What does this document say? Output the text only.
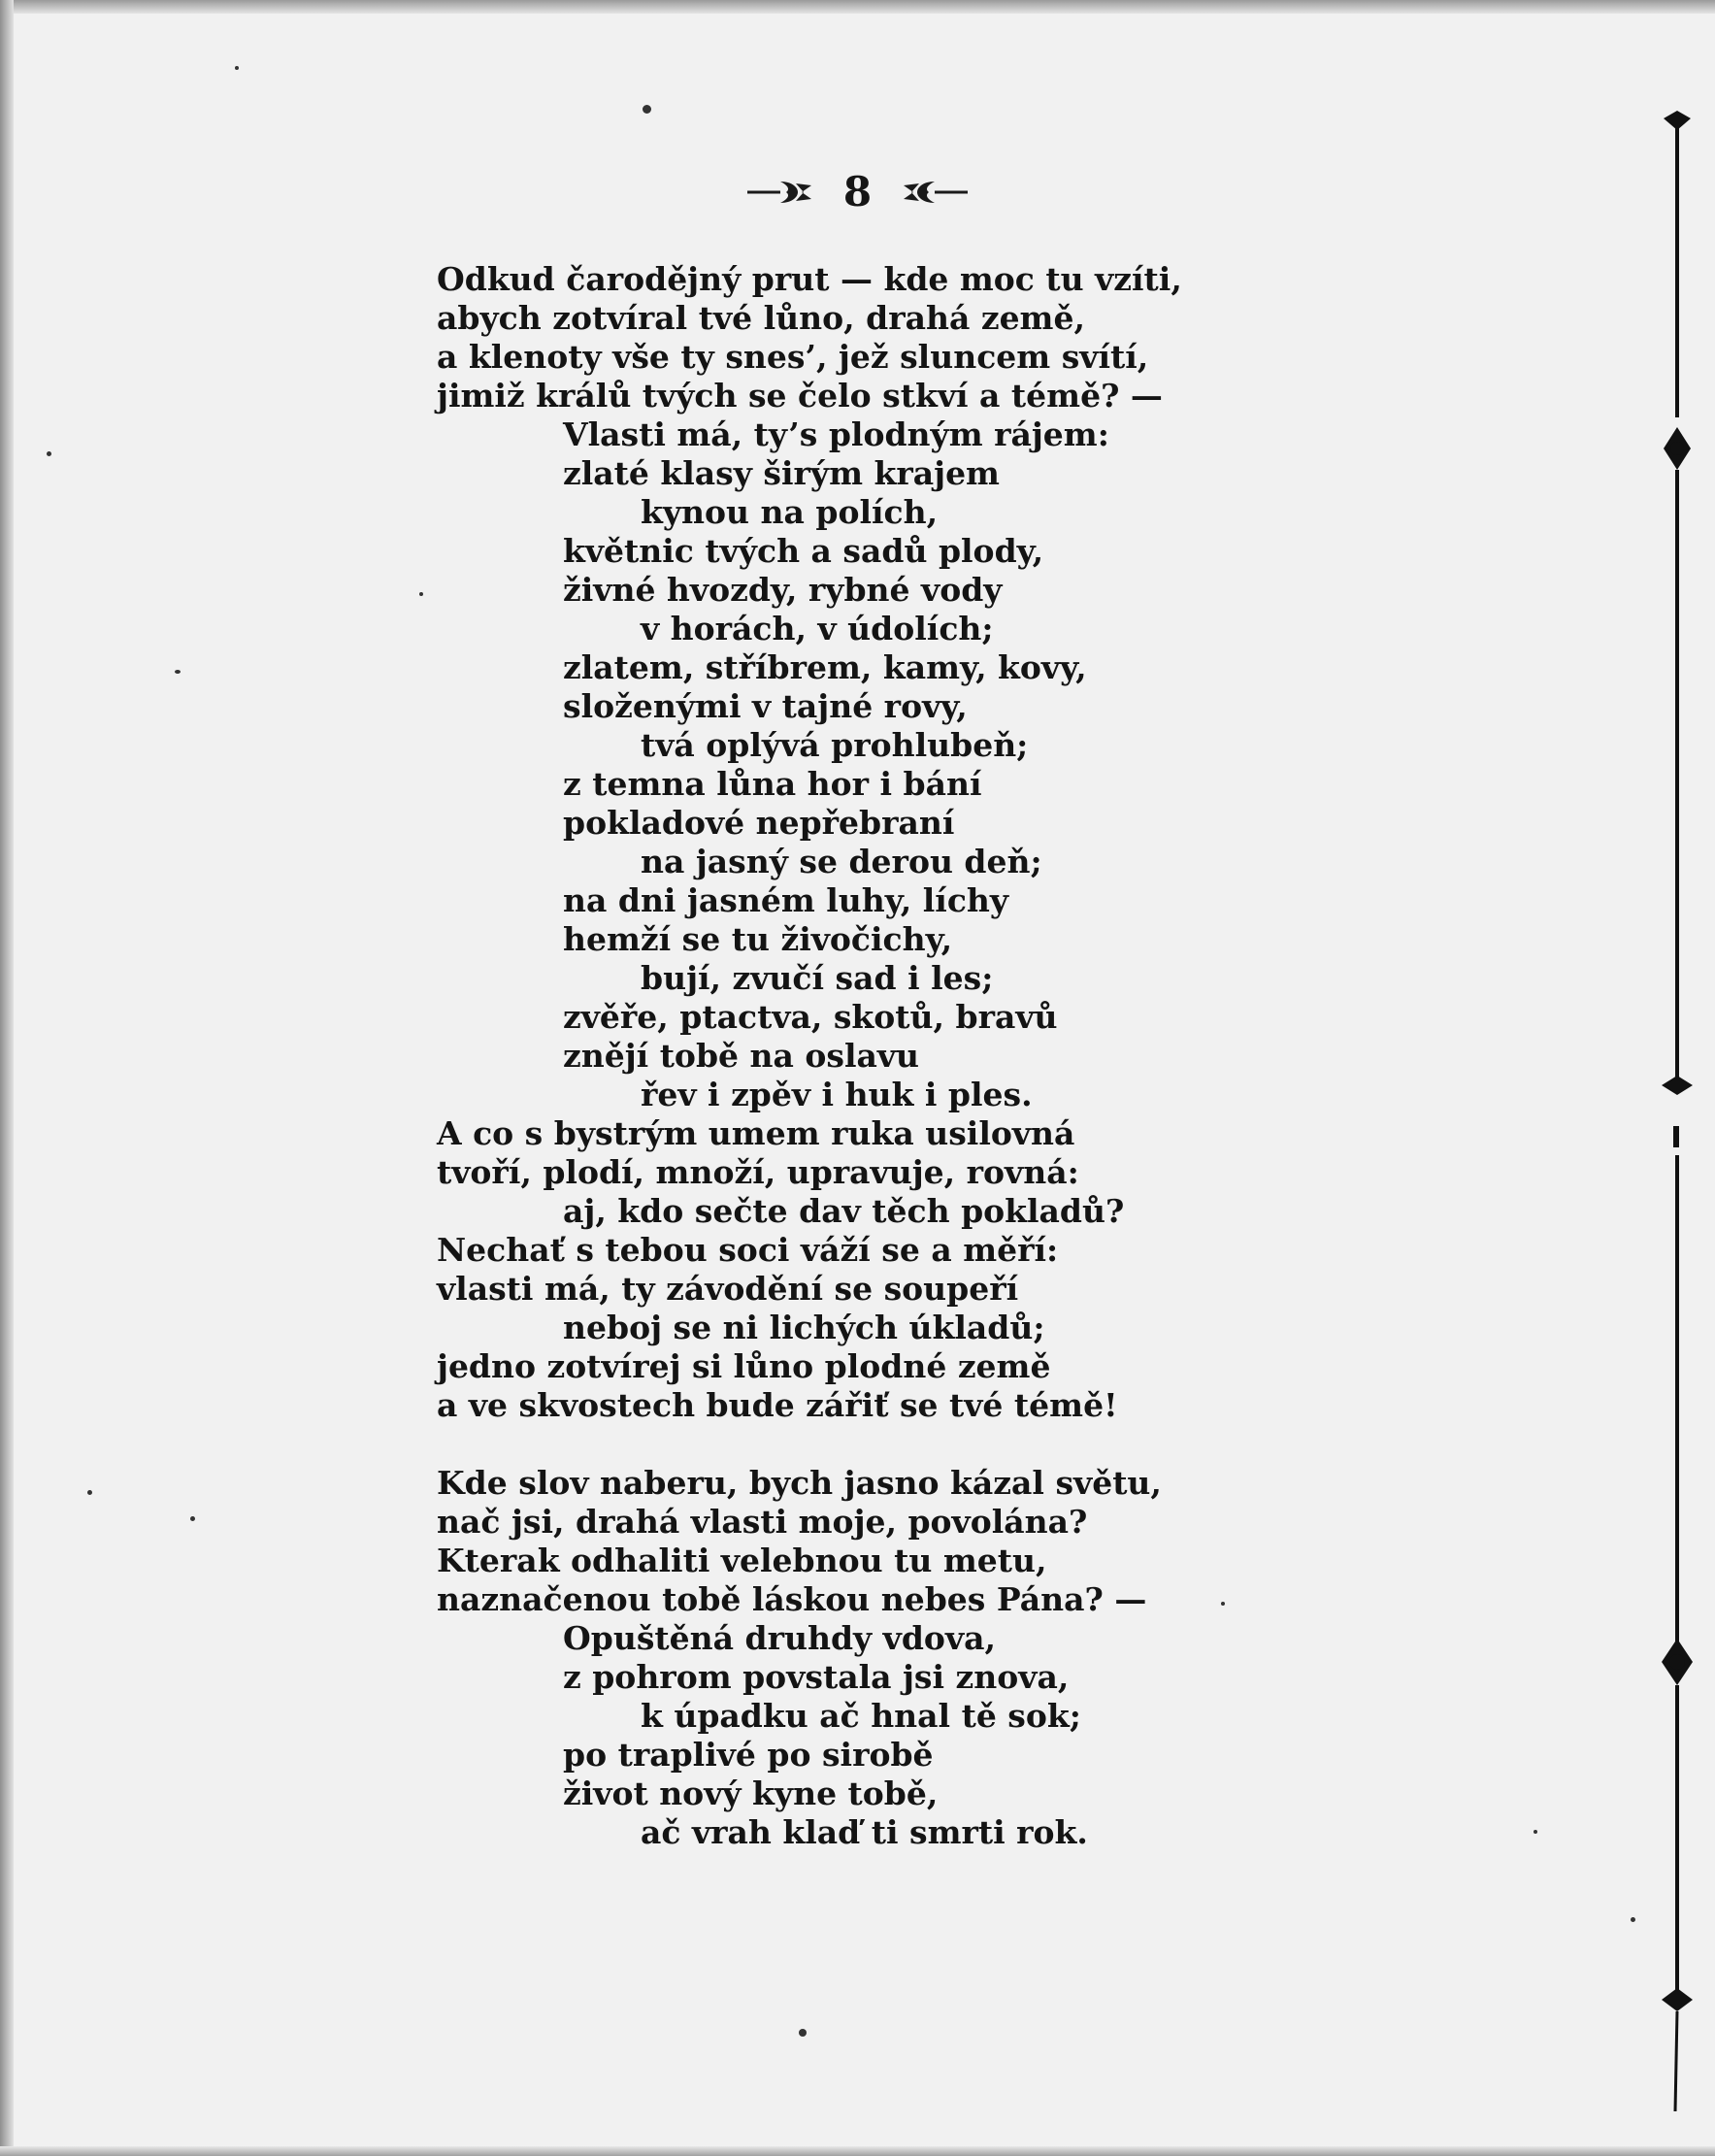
8
Odkud čarodějný prut — kde moc tu vzíti,
abych zotvíral tvé lůno, drahá země,
a klenoty vše ty snes’, jež sluncem svítí,
jimiž králů tvých se čelo stkví a témě? —
Vlasti má, ty’s plodným rájem:
zlaté klasy širým krajem
kynou na polích,
květnic tvých a sadů plody,
živné hvozdy, rybné vody
v horách, v údolích;
zlatem, stříbrem, kamy, kovy,
složenými v tajné rovy,
tvá oplývá prohlubeň;
z temna lůna hor i bání
pokladové nepřebraní
na jasný se derou deň;
na dni jasném luhy, líchy
hemží se tu živočichy,
bují, zvučí sad i les;
zvěře, ptactva, skotů, bravů
znějí tobě na oslavu
řev i zpěv i huk i ples.
A co s bystrým umem ruka usilovná
tvoří, plodí, množí, upravuje, rovná:
aj, kdo sečte dav těch pokladů?
Nechať s tebou soci váží se a měří:
vlasti má, ty závodění se soupeří
neboj se ni lichých úkladů;
jedno zotvírej si lůno plodné země
a ve skvostech bude zářiť se tvé témě!
Kde slov naberu, bych jasno kázal světu,
nač jsi, drahá vlasti moje, povolána?
Kterak odhaliti velebnou tu metu,
naznačenou tobě láskou nebes Pána? —
Opuštěná druhdy vdova,
z pohrom povstala jsi znova,
k úpadku ač hnal tě sok;
po traplivé po sirobě
život nový kyne tobě,
ač vrah klaď ti smrti rok.
